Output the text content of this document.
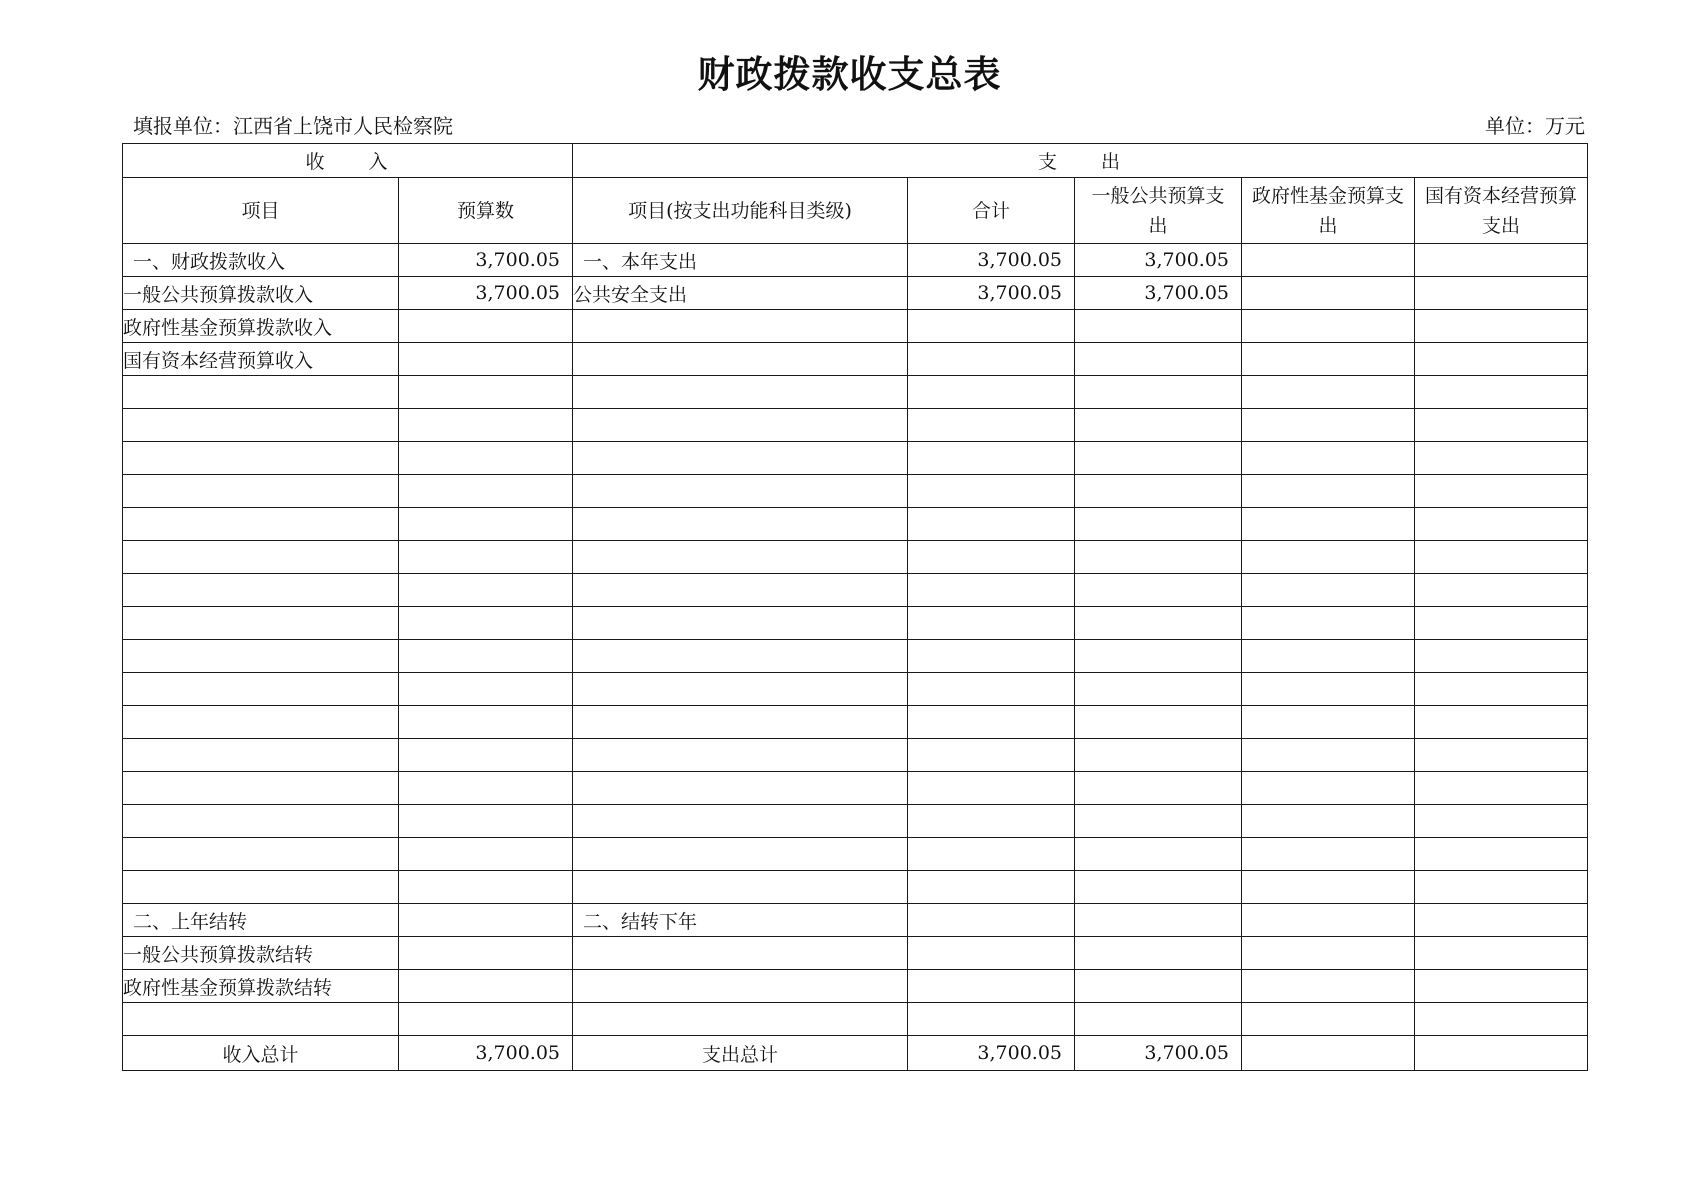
财政拨款收支总表
填报单位：江西省上饶市人民检察院	单位：万元
收　　入		支　　出				
项目	预算数	项目(按支出功能科目类级)	合计	一般公共预算支出	政府性基金预算支出	国有资本经营预算支出
一、财政拨款收入	3,700.05	一、本年支出	3,700.05	3,700.05		
一般公共预算拨款收入	3,700.05	公共安全支出	3,700.05	3,700.05		
政府性基金预算拨款收入						
国有资本经营预算收入						

二、上年结转		二、结转下年				
一般公共预算拨款结转						
政府性基金预算拨款结转						

收入总计	3,700.05	支出总计	3,700.05	3,700.05		
